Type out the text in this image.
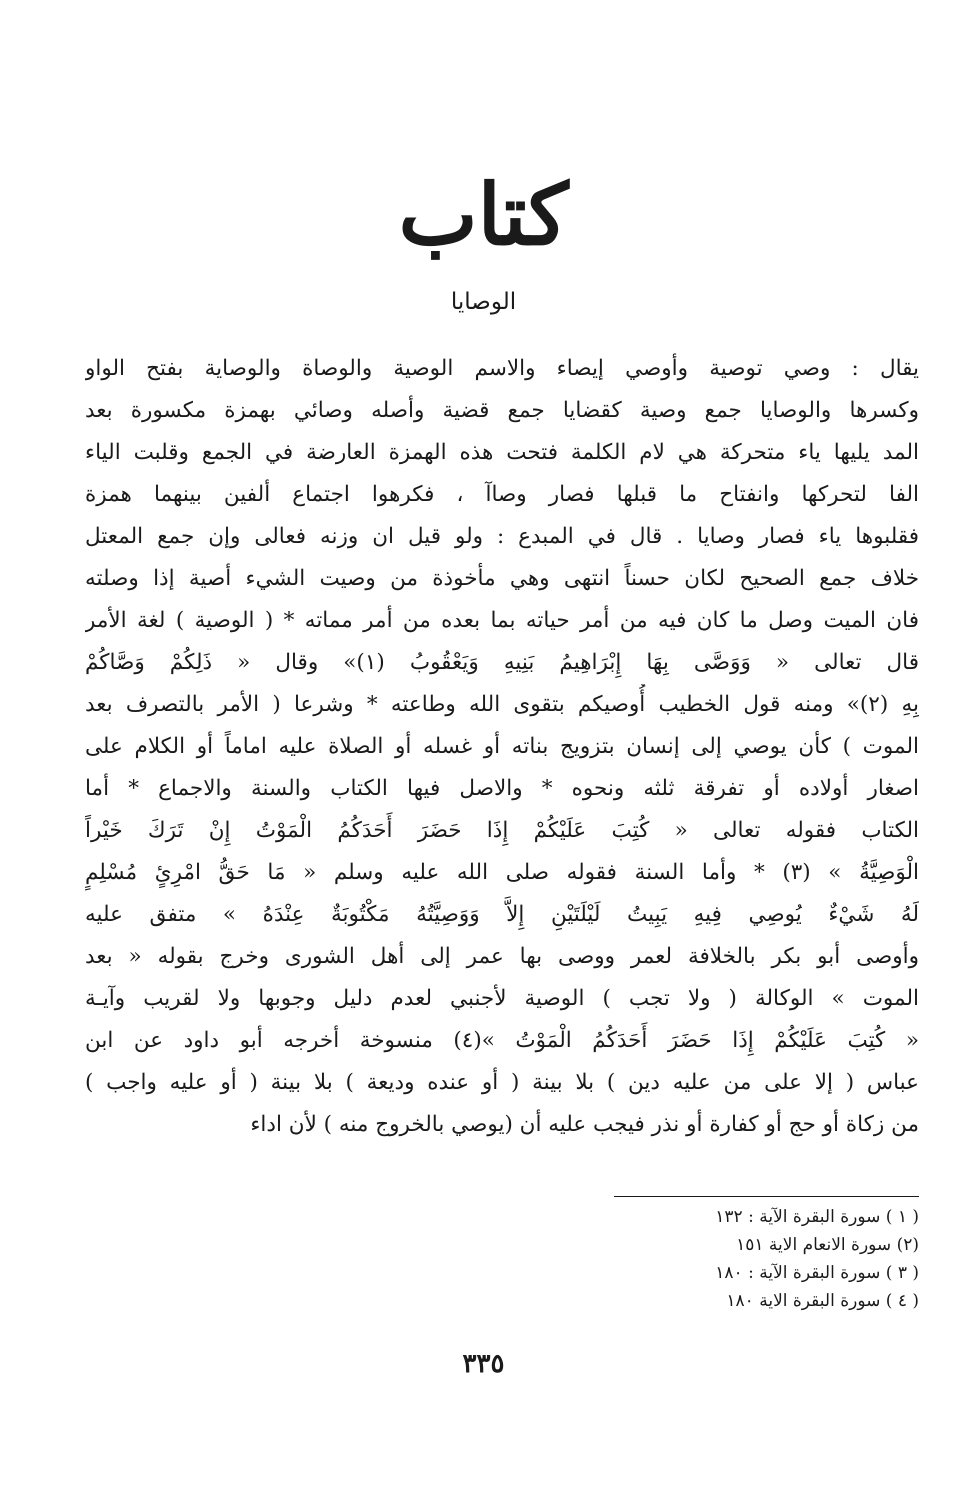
كتاب
الوصايا
يقال : وصي توصية وأوصي إيصاء والاسم الوصية والوصاة والوصاية بفتح الواو
وكسرها والوصايا جمع وصية كقضايا جمع قضية وأصله وصائي بهمزة مكسورة بعد
المد يليها ياء متحركة هي لام الكلمة فتحت هذه الهمزة العارضة في الجمع وقلبت الياء
الفا لتحركها وانفتاح ما قبلها فصار وصاآ ، فكرهوا اجتماع ألفين بينهما همزة
فقلبوها ياء فصار وصايا . قال في المبدع : ولو قيل ان وزنه فعالى وإن جمع المعتل
خلاف جمع الصحيح لكان حسناً انتهى وهي مأخوذة من وصيت الشيء أصية إذا وصلته
فان الميت وصل ما كان فيه من أمر حياته بما بعده من أمر مماته * ( الوصية ) لغة الأمر
قال تعالى « وَوَصَّى بِهَا إِبْرَاهِيمُ بَنِيهِ وَيَعْقُوبُ (١)» وقال « ذَلِكُمْ وَصَّاكُمْ
بِهِ (٢)» ومنه قول الخطيب أُوصيكم بتقوى الله وطاعته * وشرعا ( الأمر بالتصرف بعد
الموت ) كأن يوصي إلى إنسان بتزويج بناته أو غسله أو الصلاة عليه اماماً أو الكلام على
اصغار أولاده أو تفرقة ثلثه ونحوه * والاصل فيها الكتاب والسنة والاجماع * أما
الكتاب فقوله تعالى « كُتِبَ عَلَيْكُمْ إِذَا حَضَرَ أَحَدَكُمُ الْمَوْتُ إِنْ تَرَكَ خَيْراً
الْوَصِيَّةُ » (٣) * وأما السنة فقوله صلى الله عليه وسلم « مَا حَقُّ امْرِئٍ مُسْلِمٍ
لَهُ شَيْءٌ يُوصِي فِيهِ يَبِيتُ لَيْلَتَيْنِ إِلاَّ وَوَصِيَّتُهُ مَكْتُوبَةٌ عِنْدَهُ » متفق عليه
وأوصى أبو بكر بالخلافة لعمر ووصى بها عمر إلى أهل الشورى وخرج بقوله « بعد
الموت » الوكالة ( ولا تجب ) الوصية لأجنبي لعدم دليل وجوبها ولا لقريب وآيـة
« كُتِبَ عَلَيْكُمْ إِذَا حَضَرَ أَحَدَكُمُ الْمَوْتُ »(٤) منسوخة أخرجه أبو داود عن ابن
عباس ( إلا على من عليه دين ) بلا بينة ( أو عنده وديعة ) بلا بينة ( أو عليه واجب )
من زكاة أو حج أو كفارة أو نذر فيجب عليه أن (يوصي بالخروج منه ) لأن اداء
( ١ ) سورة البقرة الآية : ١٣٢
(٢) سورة الانعام الاية ١٥١
( ٣ ) سورة البقرة الآية : ١٨٠
( ٤ ) سورة البقرة الاية ١٨٠
٣٣٥
